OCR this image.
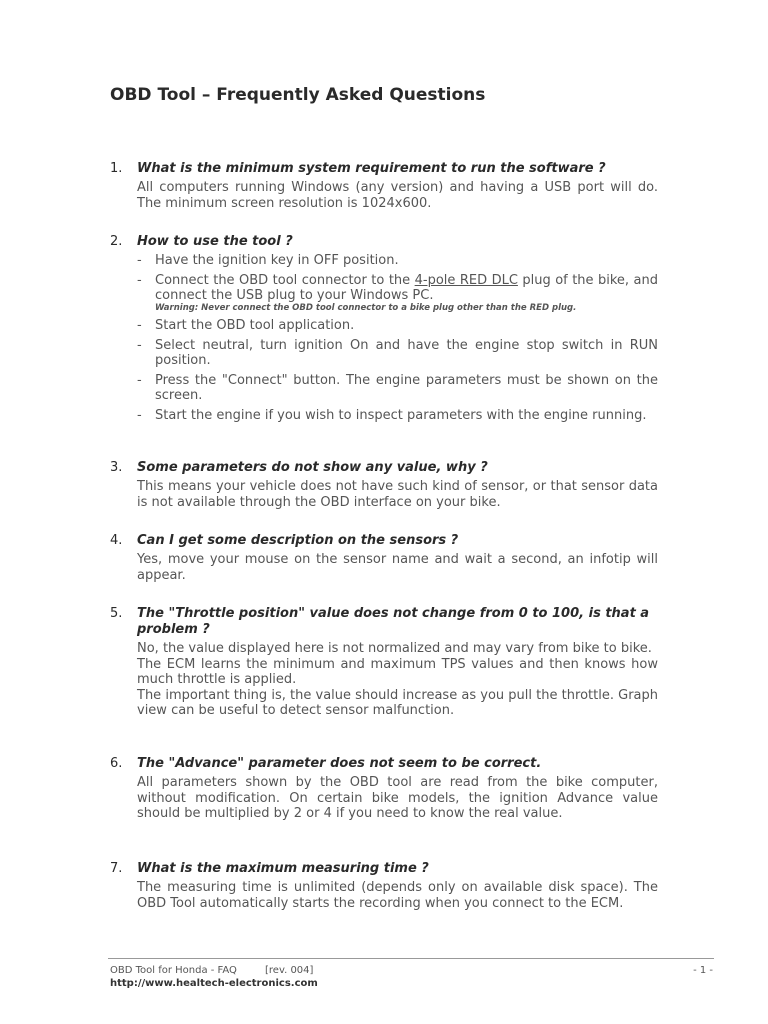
OBD Tool – Frequently Asked Questions
1. What is the minimum system requirement to run the software ?

All computers running Windows (any version) and having a USB port will do. The minimum screen resolution is 1024x600.

2. How to use the tool ?
- Have the ignition key in OFF position.
- Connect the OBD tool connector to the 4-pole RED DLC plug of the bike, and connect the USB plug to your Windows PC.
Warning: Never connect the OBD tool connector to a bike plug other than the RED plug.
- Start the OBD tool application.
- Select neutral, turn ignition On and have the engine stop switch in RUN position.
- Press the "Connect" button. The engine parameters must be shown on the screen.
- Start the engine if you wish to inspect parameters with the engine running.
3. Some parameters do not show any value, why ?

This means your vehicle does not have such kind of sensor, or that sensor data is not available through the OBD interface on your bike.

4. Can I get some description on the sensors ?

Yes, move your mouse on the sensor name and wait a second, an infotip will appear.

5. The "Throttle position" value does not change from 0 to 100, is that a problem ?

No, the value displayed here is not normalized and may vary from bike to bike.

The ECM learns the minimum and maximum TPS values and then knows how much throttle is applied.

The important thing is, the value should increase as you pull the throttle. Graph view can be useful to detect sensor malfunction.

6. The "Advance" parameter does not seem to be correct.

All parameters shown by the OBD tool are read from the bike computer, without modification. On certain bike models, the ignition Advance value should be multiplied by 2 or 4 if you need to know the real value.

7. What is the maximum measuring time ?

The measuring time is unlimited (depends only on available disk space). The OBD Tool automatically starts the recording when you connect to the ECM.

OBD Tool for Honda - FAQ	[rev. 004]	- 1 -
http://www.healtech-electronics.com
